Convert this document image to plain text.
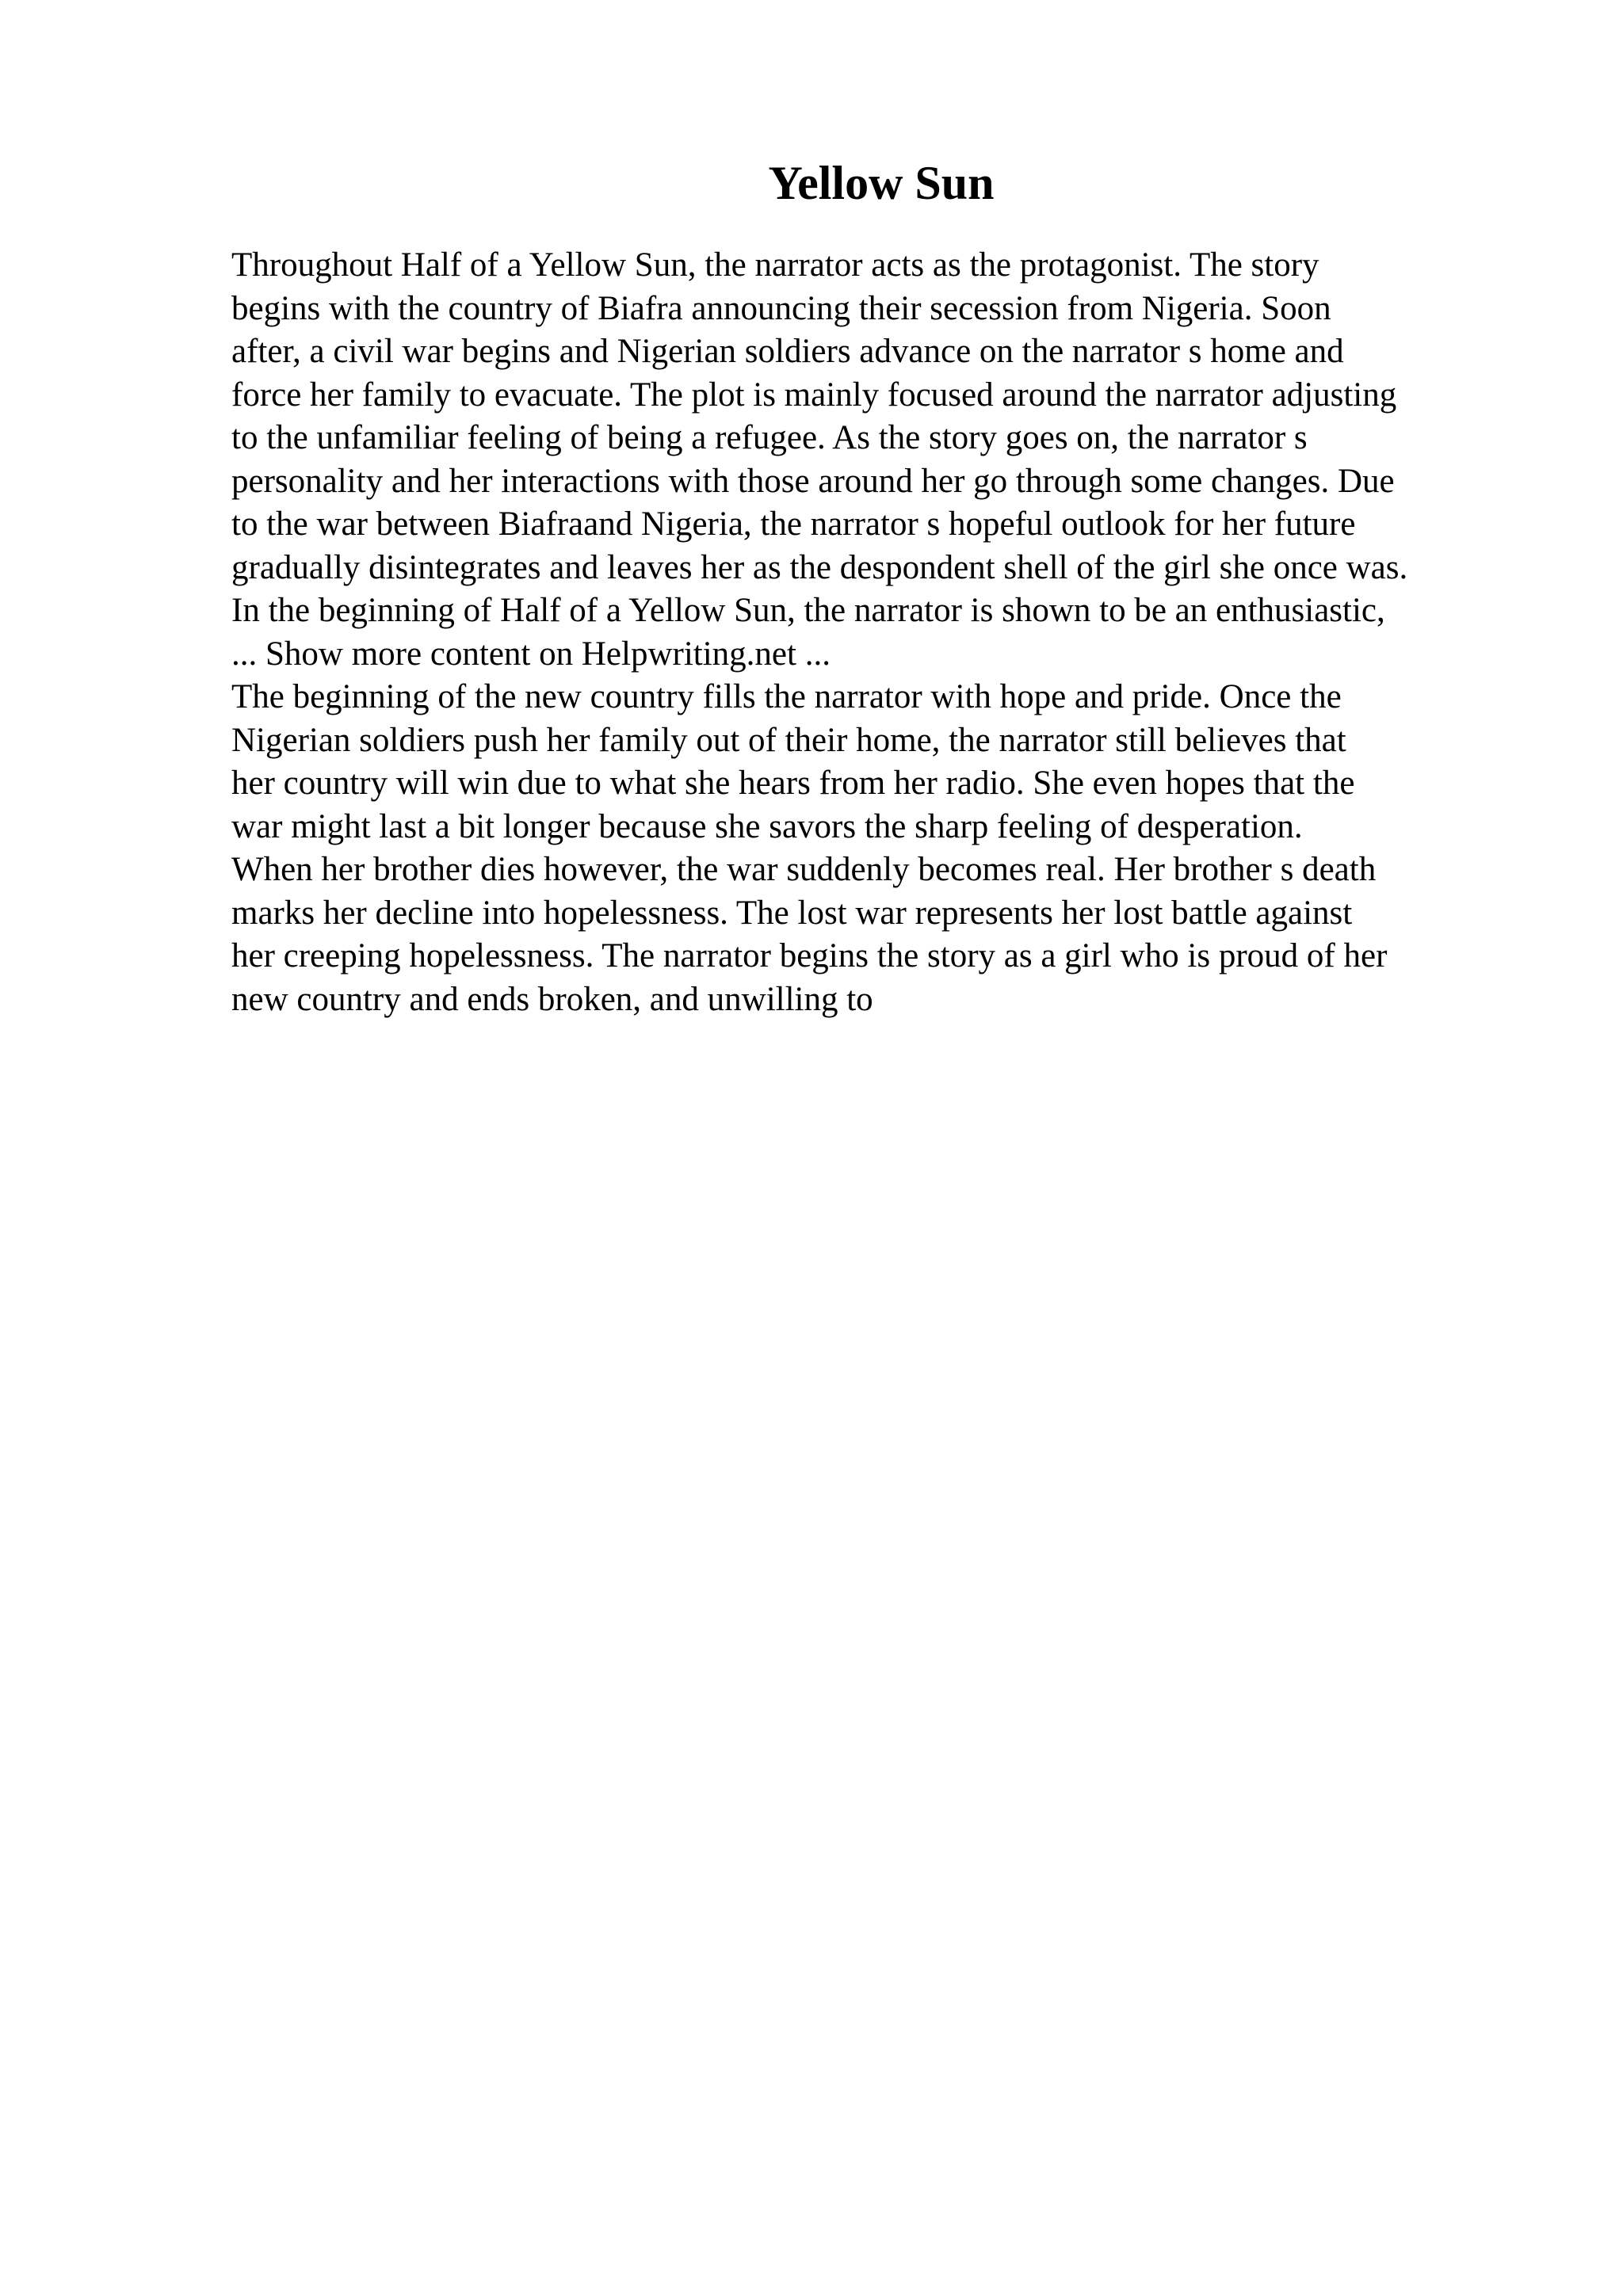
Yellow Sun
Throughout Half of a Yellow Sun, the narrator acts as the protagonist. The story
begins with the country of Biafra announcing their secession from Nigeria. Soon
after, a civil war begins and Nigerian soldiers advance on the narrator s home and
force her family to evacuate. The plot is mainly focused around the narrator adjusting
to the unfamiliar feeling of being a refugee. As the story goes on, the narrator s
personality and her interactions with those around her go through some changes. Due
to the war between Biafraand Nigeria, the narrator s hopeful outlook for her future
gradually disintegrates and leaves her as the despondent shell of the girl she once was.
In the beginning of Half of a Yellow Sun, the narrator is shown to be an enthusiastic,
... Show more content on Helpwriting.net ...
The beginning of the new country fills the narrator with hope and pride. Once the
Nigerian soldiers push her family out of their home, the narrator still believes that
her country will win due to what she hears from her radio. She even hopes that the
war might last a bit longer because she savors the sharp feeling of desperation.
When her brother dies however, the war suddenly becomes real. Her brother s death
marks her decline into hopelessness. The lost war represents her lost battle against
her creeping hopelessness. The narrator begins the story as a girl who is proud of her
new country and ends broken, and unwilling to
